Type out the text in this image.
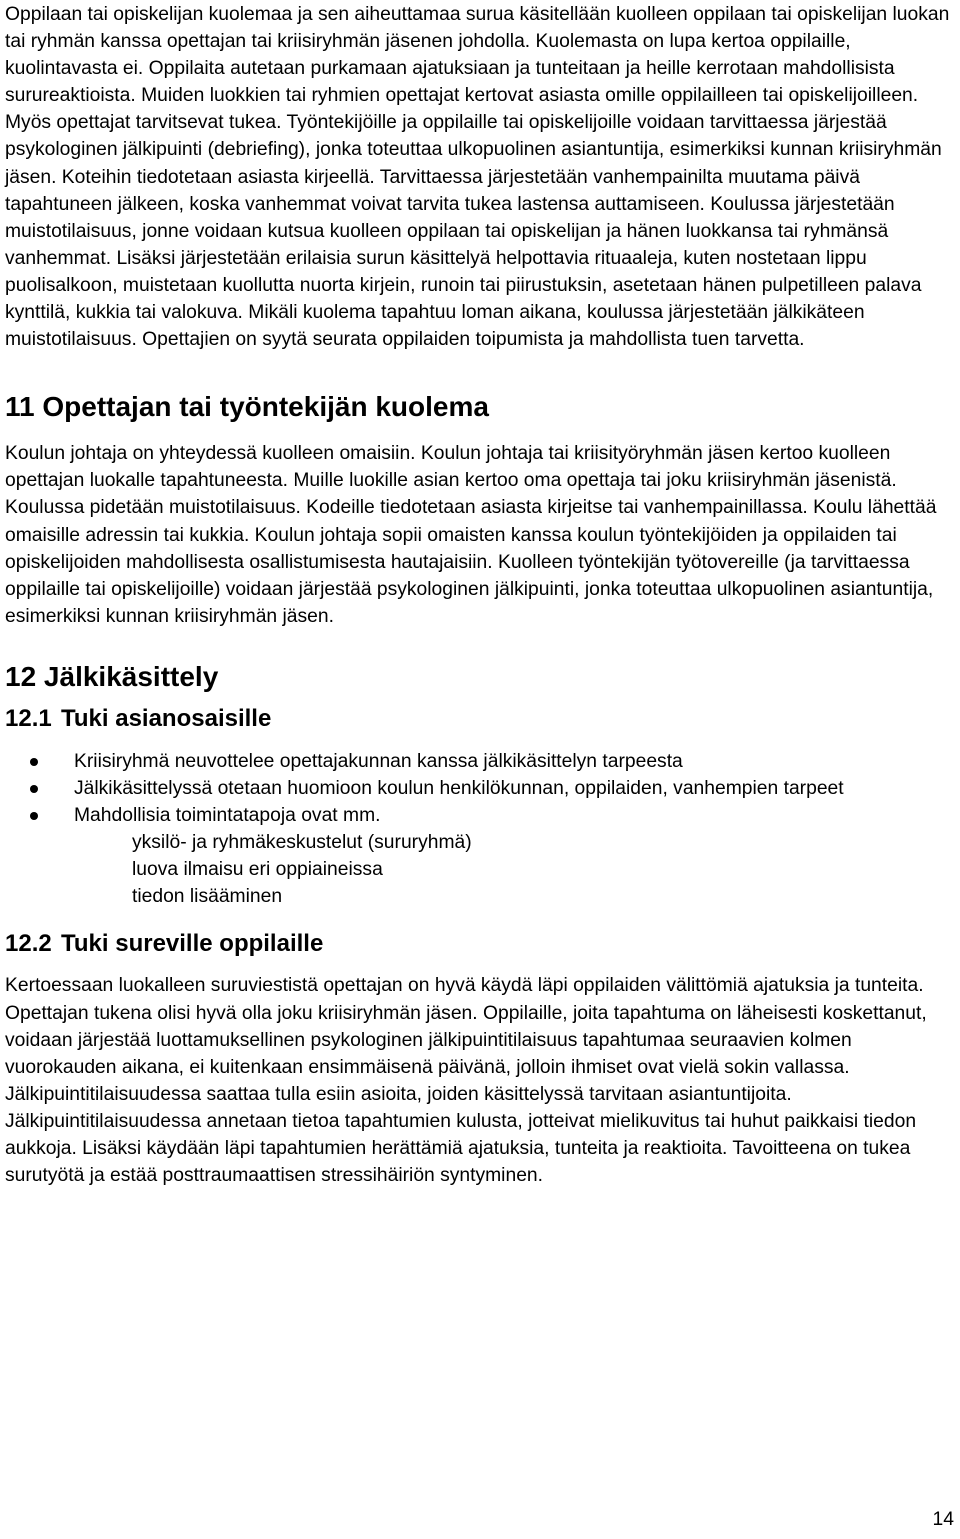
Oppilaan tai opiskelijan kuolemaa ja sen aiheuttamaa surua käsitellään kuolleen oppilaan tai opiskelijan luokan tai ryhmän kanssa opettajan tai kriisiryhmän jäsenen johdolla. Kuolemasta on lupa kertoa oppilaille, kuolintavasta ei. Oppilaita autetaan purkamaan ajatuksiaan ja tunteitaan ja heille kerrotaan mahdollisista surureaktioista. Muiden luokkien tai ryhmien opettajat kertovat asiasta omille oppilailleen tai opiskelijoilleen. Myös opettajat tarvitsevat tukea. Työntekijöille ja oppilaille tai opiskelijoille voidaan tarvittaessa järjestää psykologinen jälkipuinti (debriefing), jonka toteuttaa ulkopuolinen asiantuntija, esimerkiksi kunnan kriisiryhmän jäsen. Koteihin tiedotetaan asiasta kirjeellä. Tarvittaessa järjestetään vanhempainilta muutama päivä tapahtuneen jälkeen, koska vanhemmat voivat tarvita tukea lastensa auttamiseen. Koulussa järjestetään muistotilaisuus, jonne voidaan kutsua kuolleen oppilaan tai opiskelijan ja hänen luokkansa tai ryhmänsä vanhemmat. Lisäksi järjestetään erilaisia surun käsittelyä helpottavia rituaaleja, kuten nostetaan lippu puolisalkoon, muistetaan kuollutta nuorta kirjein, runoin tai piirustuksin, asetetaan hänen pulpetilleen palava kynttilä, kukkia tai valokuva. Mikäli kuolema tapahtuu loman aikana, koulussa järjestetään jälkikäteen muistotilaisuus. Opettajien on syytä seurata oppilaiden toipumista ja mahdollista tuen tarvetta.

11 Opettajan tai työntekijän kuolema

Koulun johtaja on yhteydessä kuolleen omaisiin. Koulun johtaja tai kriisityöryhmän jäsen kertoo kuolleen opettajan luokalle tapahtuneesta. Muille luokille asian kertoo oma opettaja tai joku kriisiryhmän jäsenistä. Koulussa pidetään muistotilaisuus. Kodeille tiedotetaan asiasta kirjeitse tai vanhempainillassa. Koulu lähettää omaisille adressin tai kukkia. Koulun johtaja sopii omaisten kanssa koulun työntekijöiden ja oppilaiden tai opiskelijoiden mahdollisesta osallistumisesta hautajaisiin. Kuolleen työntekijän työtovereille (ja tarvittaessa oppilaille tai opiskelijoille) voidaan järjestää psykologinen jälkipuinti, jonka toteuttaa ulkopuolinen asiantuntija, esimerkiksi kunnan kriisiryhmän jäsen.

12 Jälkikäsittely
12.1 Tuki asianosaisille
Kriisiryhmä neuvottelee opettajakunnan kanssa jälkikäsittelyn tarpeesta
Jälkikäsittelyssä otetaan huomioon koulun henkilökunnan, oppilaiden, vanhempien tarpeet
Mahdollisia toimintatapoja ovat mm.
yksilö- ja ryhmäkeskustelut (sururyhmä)
luova ilmaisu eri oppiaineissa
tiedon lisääminen
12.2 Tuki sureville oppilaille

Kertoessaan luokalleen suruviestistä opettajan on hyvä käydä läpi oppilaiden välittömiä ajatuksia ja tunteita. Opettajan tukena olisi hyvä olla joku kriisiryhmän jäsen. Oppilaille, joita tapahtuma on läheisesti koskettanut, voidaan järjestää luottamuksellinen psykologinen jälkipuintitilaisuus tapahtumaa seuraavien kolmen vuorokauden aikana, ei kuitenkaan ensimmäisenä päivänä, jolloin ihmiset ovat vielä sokin vallassa. Jälkipuintitilaisuudessa saattaa tulla esiin asioita, joiden käsittelyssä tarvitaan asiantuntijoita. Jälkipuintitilaisuudessa annetaan tietoa tapahtumien kulusta, jotteivat mielikuvitus tai huhut paikkaisi tiedon aukkoja. Lisäksi käydään läpi tapahtumien herättämiä ajatuksia, tunteita ja reaktioita. Tavoitteena on tukea surutyötä ja estää posttraumaattisen stressihäiriön syntyminen.

14
